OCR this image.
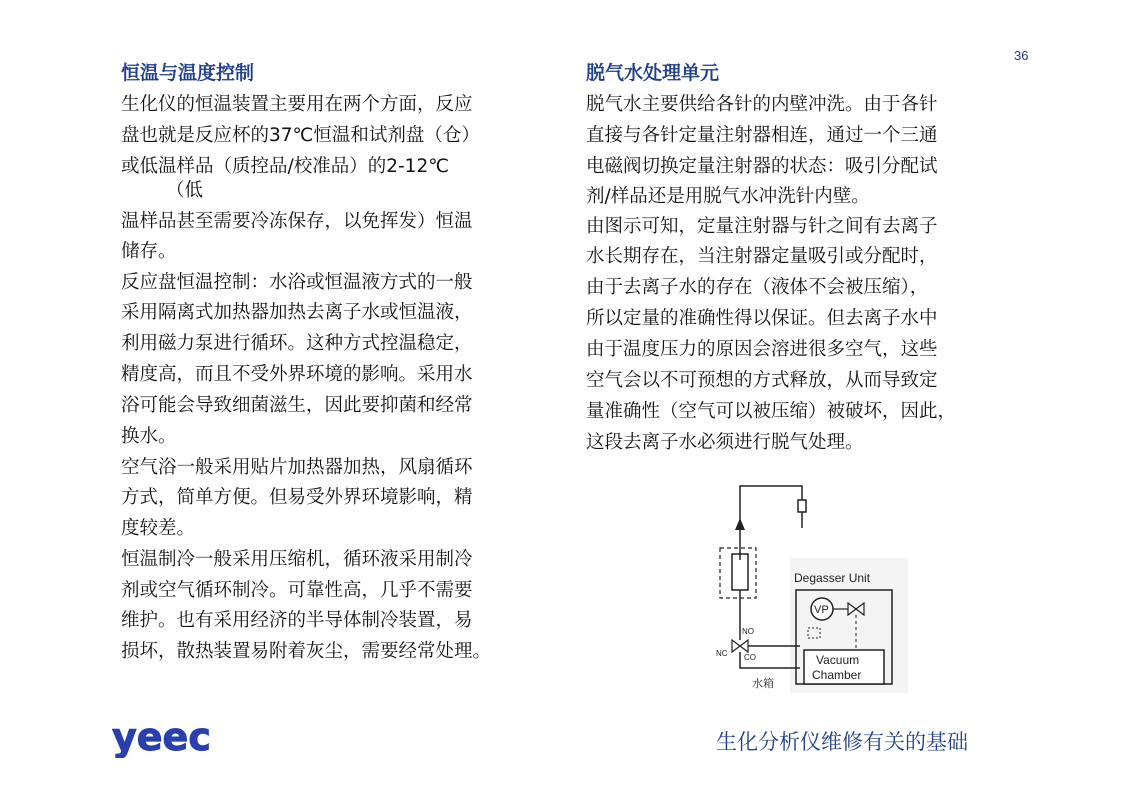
36
恒温与温度控制
生化仪的恒温装置主要用在两个方面，反应
盘也就是反应杯的37℃恒温和试剂盘（仓）
或低温样品（质控品/校准品）的2-12℃
（低
温样品甚至需要冷冻保存，以免挥发）恒温
储存。
反应盘恒温控制：水浴或恒温液方式的一般
采用隔离式加热器加热去离子水或恒温液，
利用磁力泵进行循环。这种方式控温稳定，
精度高，而且不受外界环境的影响。采用水
浴可能会导致细菌滋生，因此要抑菌和经常
换水。
空气浴一般采用贴片加热器加热，风扇循环
方式，简单方便。但易受外界环境影响，精
度较差。
恒温制冷一般采用压缩机，循环液采用制冷
剂或空气循环制冷。可靠性高，几乎不需要
维护。也有采用经济的半导体制冷装置，易
损坏，散热装置易附着灰尘，需要经常处理。
脱气水处理单元
脱气水主要供给各针的内壁冲洗。由于各针
直接与各针定量注射器相连，通过一个三通
电磁阀切换定量注射器的状态：吸引分配试
剂/样品还是用脱气水冲洗针内壁。
由图示可知，定量注射器与针之间有去离子
水长期存在，当注射器定量吸引或分配时，
由于去离子水的存在（液体不会被压缩），
所以定量的准确性得以保证。但去离子水中
由于温度压力的原因会溶进很多空气，这些
空气会以不可预想的方式释放，从而导致定
量准确性（空气可以被压缩）被破坏，因此，
这段去离子水必须进行脱气处理。
NC
NO
CO
Degasser Unit
VP
Vacuum
Chamber
水箱
yeec	生化分析仪维修有关的基础
